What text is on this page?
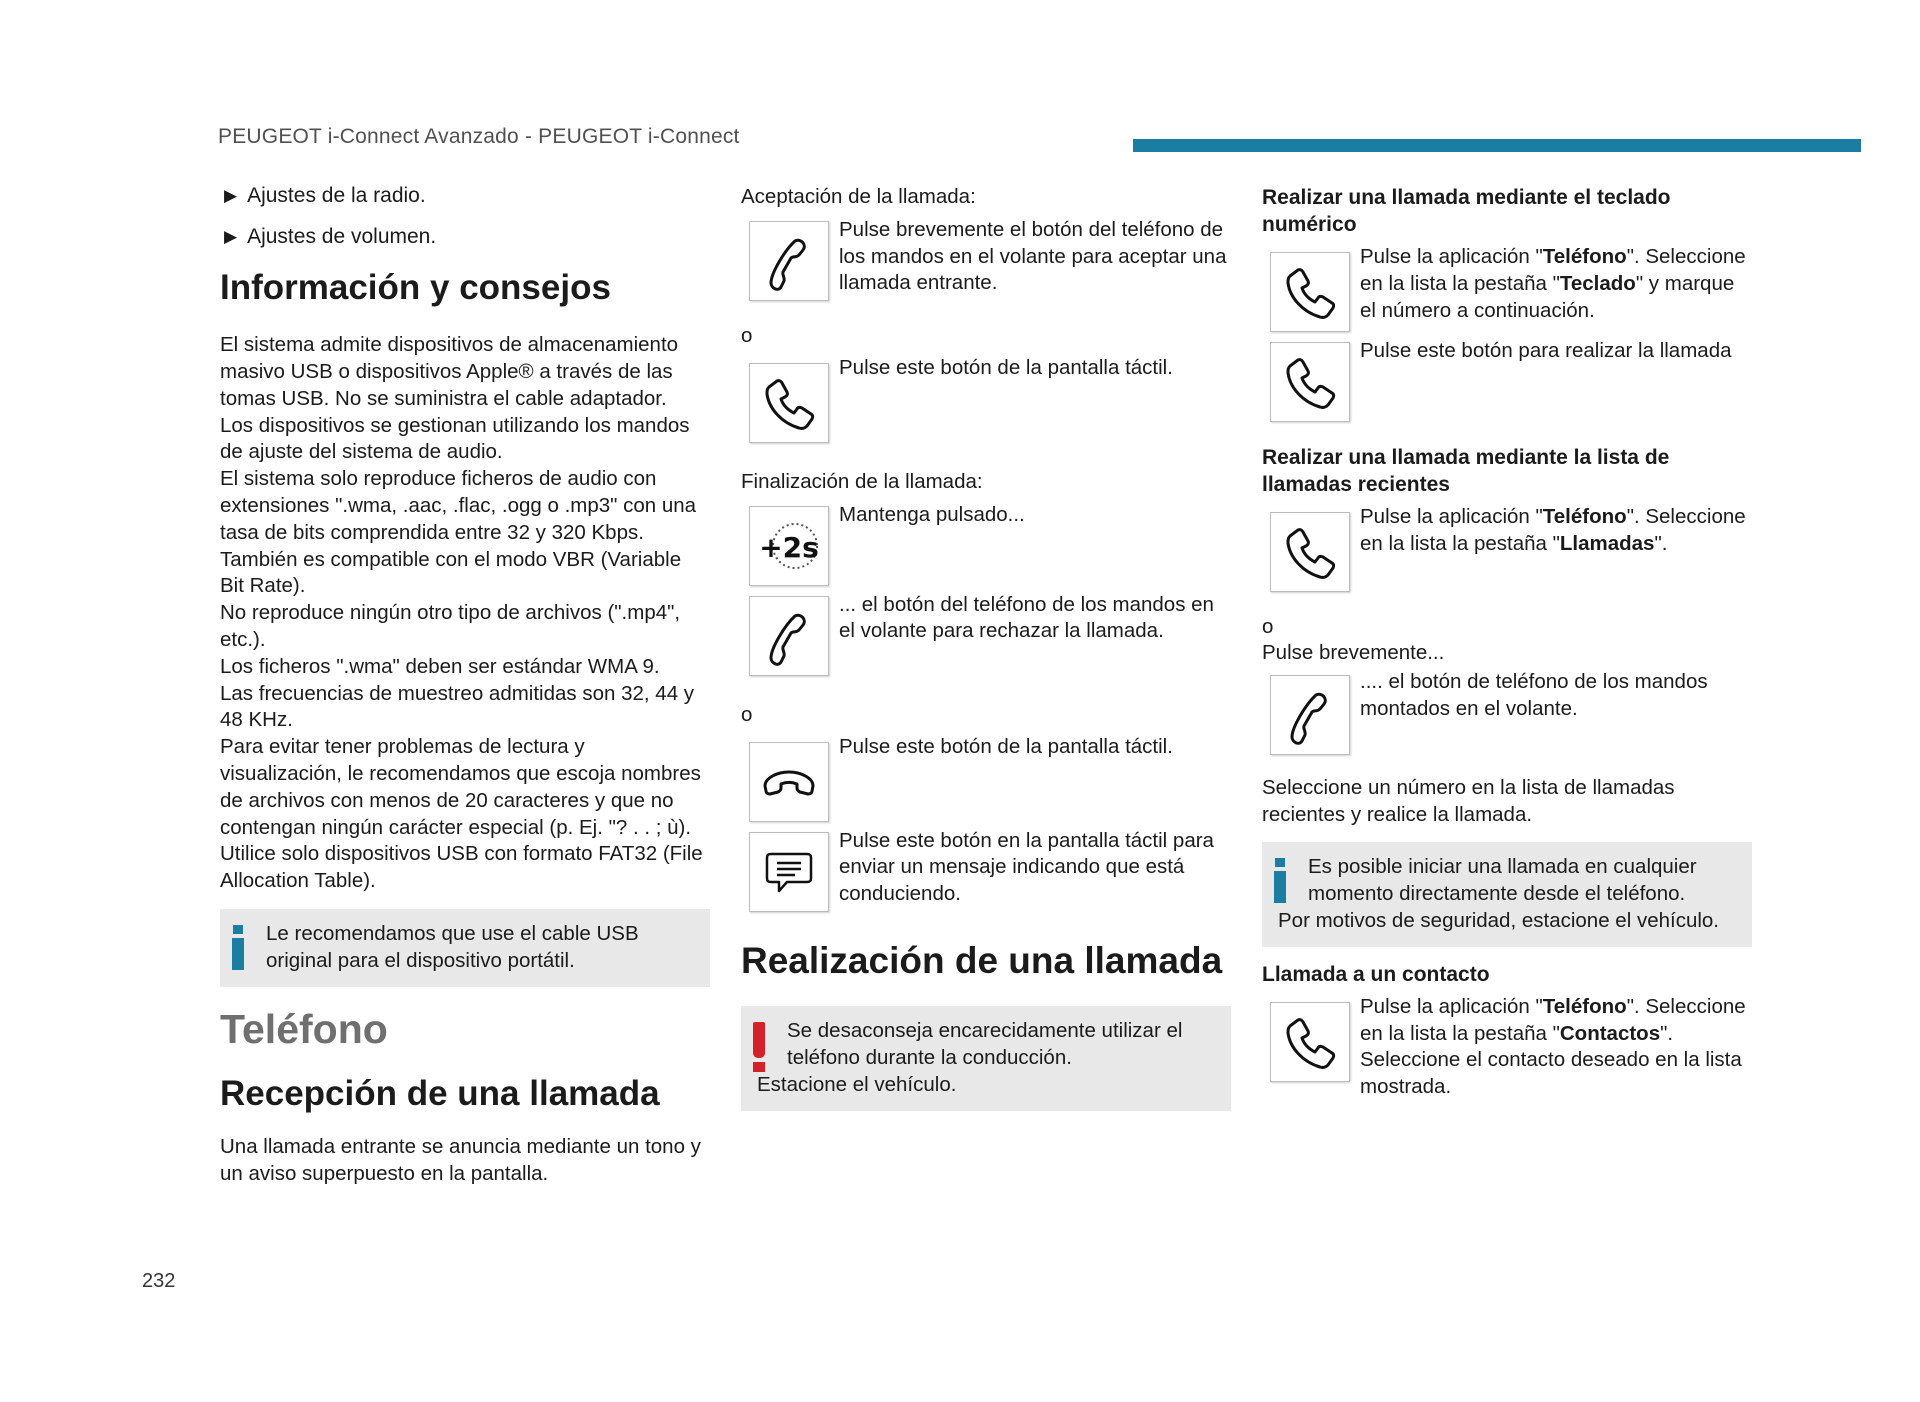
PEUGEOT i-Connect Avanzado - PEUGEOT i-Connect
▶ Ajustes de la radio.
▶ Ajustes de volumen.
Información y consejos

El sistema admite dispositivos de almacenamiento masivo USB o dispositivos Apple® a través de las tomas USB. No se suministra el cable adaptador.

Los dispositivos se gestionan utilizando los mandos de ajuste del sistema de audio.

El sistema solo reproduce ficheros de audio con extensiones ".wma, .aac, .flac, .ogg o .mp3" con una tasa de bits comprendida entre 32 y 320 Kbps.

También es compatible con el modo VBR (Variable Bit Rate).

No reproduce ningún otro tipo de archivos (".mp4", etc.).

Los ficheros ".wma" deben ser estándar WMA 9.

Las frecuencias de muestreo admitidas son 32, 44 y 48 KHz.

Para evitar tener problemas de lectura y visualización, le recomendamos que escoja nombres de archivos con menos de 20 caracteres y que no contengan ningún carácter especial (p. Ej. "? . . ; ù).

Utilice solo dispositivos USB con formato FAT32 (File Allocation Table).

Le recomendamos que use el cable USB original para el dispositivo portátil.
Teléfono
Recepción de una llamada

Una llamada entrante se anuncia mediante un tono y un aviso superpuesto en la pantalla.

Aceptación de la llamada:

Pulse brevemente el botón del teléfono de los mandos en el volante para aceptar una llamada entrante.

o

Pulse este botón de la pantalla táctil.

Finalización de la llamada:

+2s
Mantenga pulsado...
... el botón del teléfono de los mandos en el volante para rechazar la llamada.

o

Pulse este botón de la pantalla táctil.
Pulse este botón en la pantalla táctil para enviar un mensaje indicando que está conduciendo.
Realización de una llamada
Se desaconseja encarecidamente utilizar el teléfono durante la conducción.
Estacione el vehículo.

Realizar una llamada mediante el teclado numérico

Pulse la aplicación "Teléfono". Seleccione en la lista la pestaña "Teclado" y marque el número a continuación.
Pulse este botón para realizar la llamada

Realizar una llamada mediante la lista de llamadas recientes

Pulse la aplicación "Teléfono". Seleccione en la lista la pestaña "Llamadas".

o

Pulse brevemente...

.... el botón de teléfono de los mandos montados en el volante.

Seleccione un número en la lista de llamadas recientes y realice la llamada.

Es posible iniciar una llamada en cualquier momento directamente desde el teléfono.
Por motivos de seguridad, estacione el vehículo.

Llamada a un contacto

Pulse la aplicación "Teléfono". Seleccione en la lista la pestaña "Contactos".
Seleccione el contacto deseado en la lista mostrada.
232
